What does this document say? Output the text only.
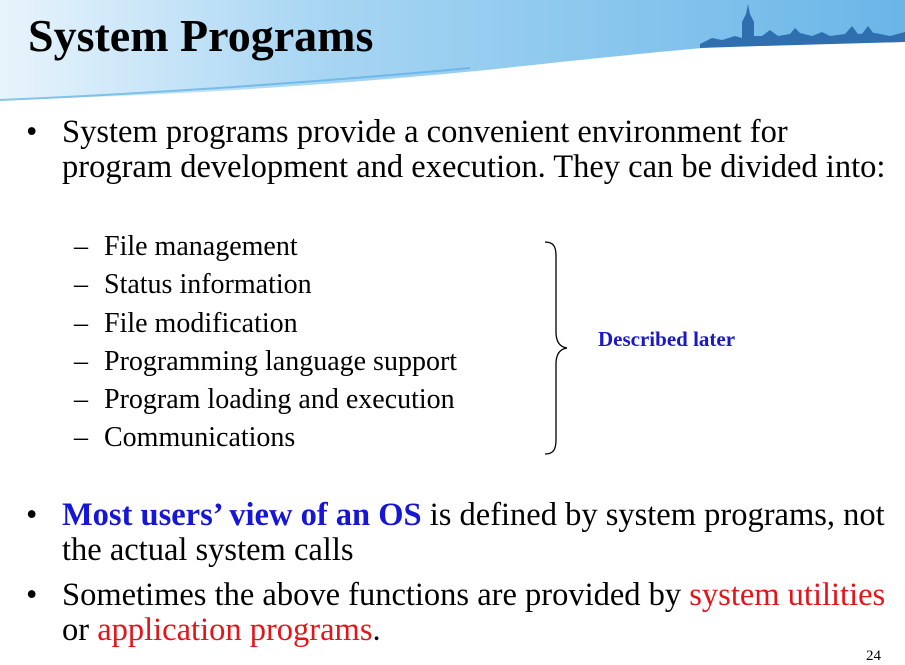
System Programs
• System programs provide a convenient environment for program development and execution. They can be divided into:
• Most users’ view of an OS is defined by system programs, not the actual system calls
• Sometimes the above functions are provided by system utilities or application programs.
– File management
– Status information
– File modification
– Programming language support
– Program loading and execution
– Communications
Described later
24
